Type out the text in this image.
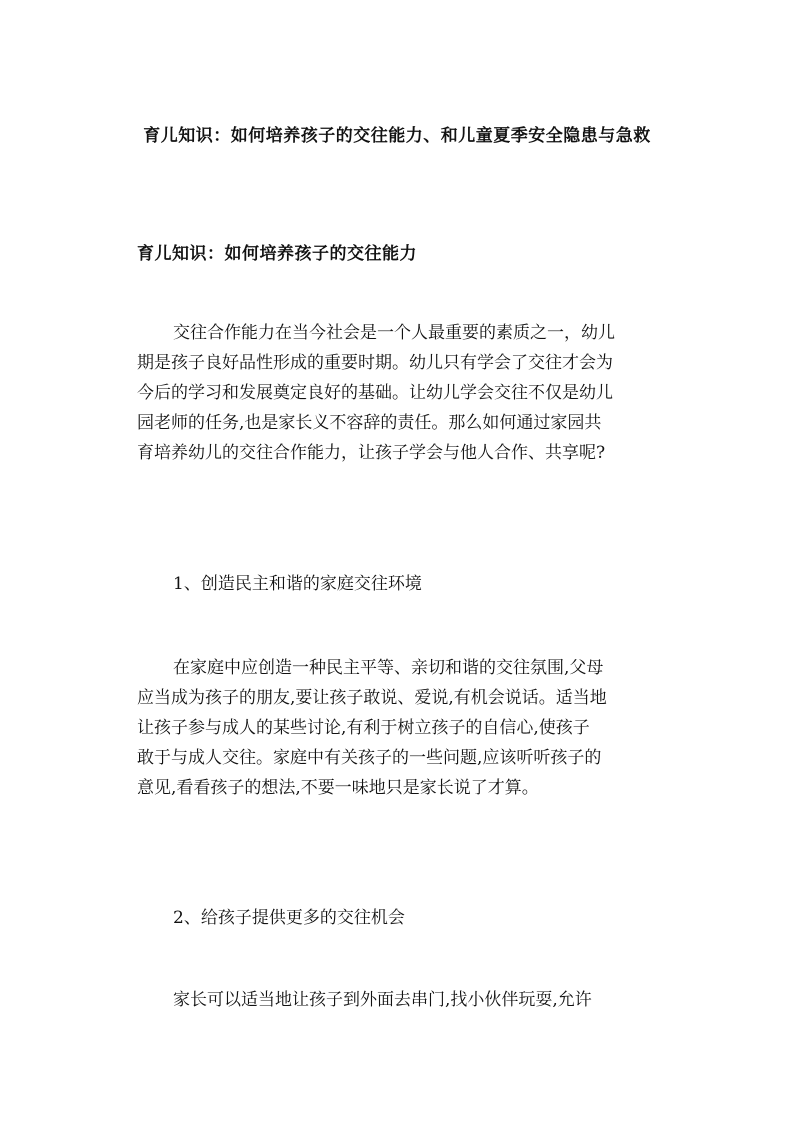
育儿知识：如何培养孩子的交往能力、和儿童夏季安全隐患与急救
育儿知识：如何培养孩子的交往能力
交往合作能力在当今社会是一个人最重要的素质之一，幼儿
期是孩子良好品性形成的重要时期。幼儿只有学会了交往才会为
今后的学习和发展奠定良好的基础。让幼儿学会交往不仅是幼儿
园老师的任务,也是家长义不容辞的责任。那么如何通过家园共
育培养幼儿的交往合作能力，让孩子学会与他人合作、共享呢?
1、创造民主和谐的家庭交往环境
在家庭中应创造一种民主平等、亲切和谐的交往氛围,父母
应当成为孩子的朋友,要让孩子敢说、爱说,有机会说话。适当地
让孩子参与成人的某些讨论,有利于树立孩子的自信心,使孩子
敢于与成人交往。家庭中有关孩子的一些问题,应该听听孩子的
意见,看看孩子的想法,不要一味地只是家长说了才算。
2、给孩子提供更多的交往机会
家长可以适当地让孩子到外面去串门,找小伙伴玩耍,允许
